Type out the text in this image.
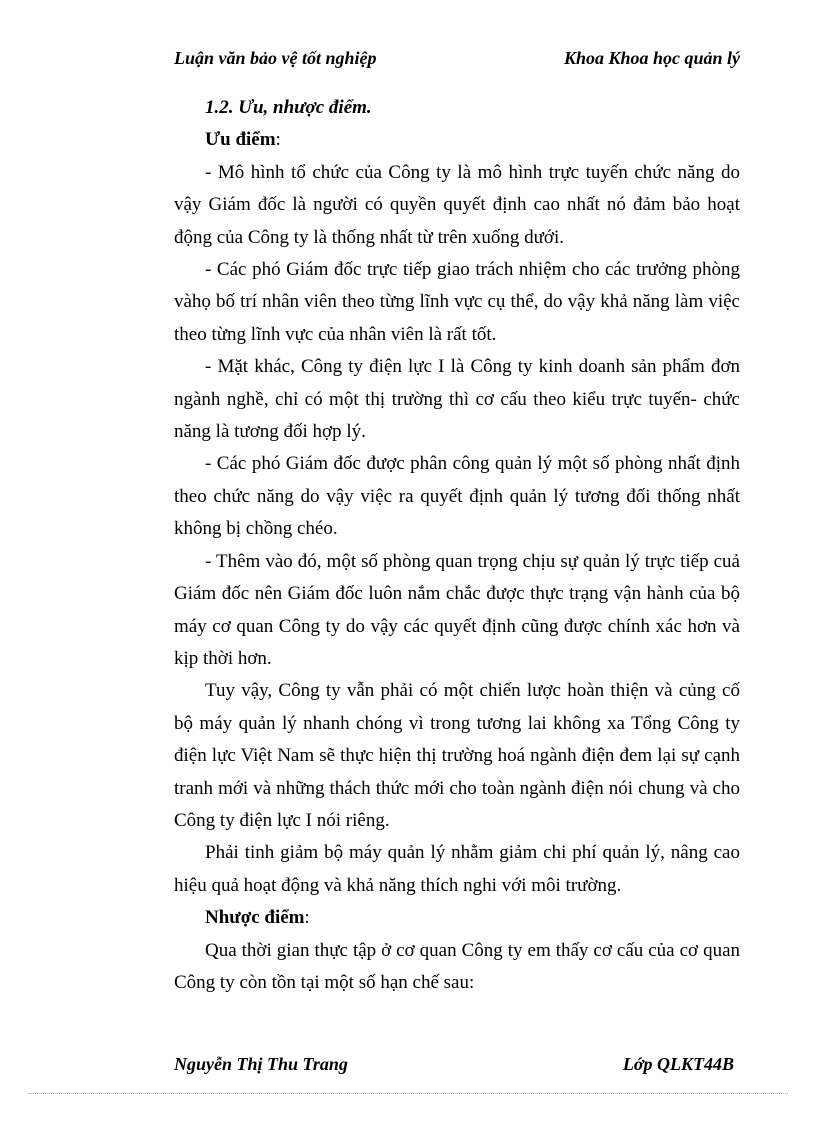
Luận văn bảo vệ tốt nghiệp	Khoa Khoa học quản lý

1.2. Ưu, nhược điểm.

Ưu điểm:

- Mô hình tổ chức của Công ty là mô hình trực tuyến chức năng do vậy Giám đốc là người có quyền quyết định cao nhất nó đảm bảo hoạt động của Công ty là thống nhất từ trên xuống dưới.

- Các phó Giám đốc trực tiếp giao trách nhiệm cho các trưởng phòng vàhọ bố trí nhân viên theo từng lĩnh vực cụ thể, do vậy khả năng làm việc theo từng lĩnh vực của nhân viên là rất tốt.

- Mặt khác, Công ty điện lực I là Công ty kinh doanh sản phẩm đơn ngành nghề, chỉ có một thị trường thì cơ cấu theo kiểu trực tuyến- chức năng là tương đối hợp lý.

- Các phó Giám đốc được phân công quản lý một số phòng nhất định theo chức năng do vậy việc ra quyết định quản lý tương đối thống nhất không bị chồng chéo.

- Thêm vào đó, một số phòng quan trọng chịu sự quản lý trực tiếp cuả Giám đốc nên Giám đốc luôn nắm chắc được thực trạng vận hành của bộ máy cơ quan Công ty do vậy các quyết định cũng được chính xác hơn và kịp thời hơn.

Tuy vậy, Công ty vẫn phải có một chiến lược hoàn thiện và củng cố bộ máy quản lý nhanh chóng vì trong tương lai không xa Tổng Công ty điện lực Việt Nam sẽ thực hiện thị trường hoá ngành điện đem lại sự cạnh tranh mới và những thách thức mới cho toàn ngành điện nói chung và cho Công ty điện lực I nói riêng.

Phải tinh giảm bộ máy quản lý nhằm giảm chi phí quản lý, nâng cao hiệu quả hoạt động và khả năng thích nghi với môi trường.

Nhược điểm:

Qua thời gian thực tập ở cơ quan Công ty em thấy cơ cấu của cơ quan Công ty còn tồn tại một số hạn chế sau:

Nguyễn Thị Thu Trang	Lớp QLKT44B
